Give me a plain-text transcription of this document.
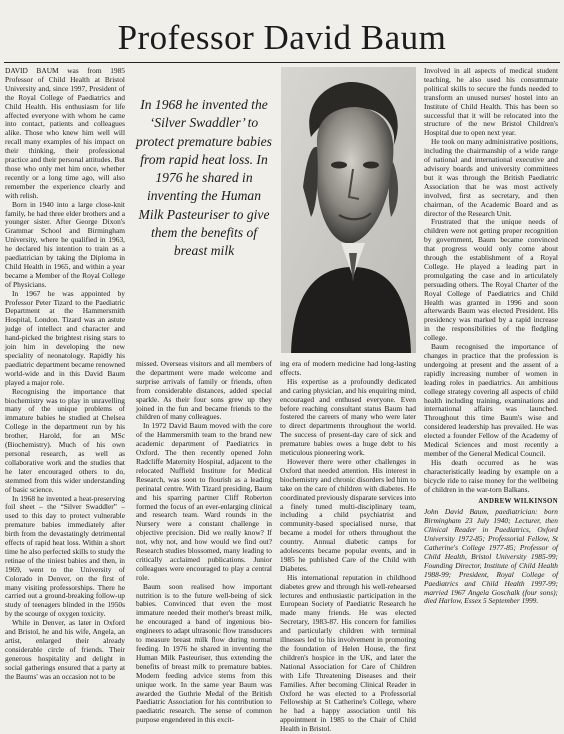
Professor David Baum

DAVID BAUM was from 1985 Professor of Child Health at Bristol University and, since 1997, President of the Royal College of Paediatrics and Child Health. His enthusiasm for life affected everyone with whom he came into contact, patients and colleagues alike. Those who knew him well will recall many examples of his impact on their thinking, their professional practice and their personal attitudes. But those who only met him once, whether recently or a long time ago, will also remember the experience clearly and with relish.

Born in 1940 into a large close-knit family, he had three elder brothers and a younger sister. After George Dixon's Grammar School and Birmingham University, where he qualified in 1963, he declared his intention to train as a paediatrician by taking the Diploma in Child Health in 1965, and within a year became a Member of the Royal College of Physicians.

In 1967 he was appointed by Professor Peter Tizard to the Paediatric Department at the Hammersmith Hospital, London. Tizard was an astute judge of intellect and character and hand-picked the brightest rising stars to join him in developing the new speciality of neonatology. Rapidly his paediatric department became renowned world-wide and in this David Baum played a major role.

Recognising the importance that biochemistry was to play in unravelling many of the unique problems of immature babies he studied at Chelsea College in the department run by his brother, Harold, for an MSc (Biochemistry). Much of his own personal research, as well as collaborative work and the studies that he later encouraged others to do, stemmed from this wider understanding of basic science.

In 1968 he invented a heat-preserving foil sheet – the “Silver Swaddler” – used to this day to protect vulnerable premature babies immediately after birth from the devastatingly detrimental effects of rapid heat loss. Within a short time he also perfected skills to study the retinae of the tiniest babies and then, in 1969, went to the University of Colorado in Denver, on the first of many visiting professorships. There he carried out a ground-breaking follow-up study of teenagers blinded in the 1950s by the scourge of oxygen toxicity.

While in Denver, as later in Oxford and Bristol, he and his wife, Angela, an artist, enlarged their already considerable circle of friends. Their generous hospitality and delight in social gatherings ensured that a party at the Baums' was an occasion not to be

In 1968 he invented the ‘Silver Swaddler’ to protect premature babies from rapid heat loss. In 1976 he shared in inventing the Human Milk Pasteuriser to give them the benefits of breast milk

missed. Overseas visitors and all members of the department were made welcome and surprise arrivals of family or friends, often from considerable distances, added special sparkle. As their four sons grew up they joined in the fun and became friends to the children of many colleagues.

In 1972 David Baum moved with the core of the Hammersmith team to the brand new academic department of Paediatrics in Oxford. The then recently opened John Radcliffe Maternity Hospital, adjacent to the relocated Nuffield Institute for Medical Research, was soon to flourish as a leading perinatal centre. With Tizard presiding, Baum and his sparring partner Cliff Roberton formed the focus of an ever-enlarging clinical and research team. Ward rounds in the Nursery were a constant challenge in objective precision. Did we really know? If not, why not, and how would we find out? Research studies blossomed, many leading to critically acclaimed publications. Junior colleagues were encouraged to play a central role.

Baum soon realised how important nutrition is to the future well-being of sick babies. Convinced that even the most immature needed their mother's breast milk, he encouraged a band of ingenious bio-engineers to adapt ultrasonic flow transducers to measure breast milk flow during normal feeding. In 1976 he shared in inventing the Human Milk Pasteuriser, thus extending the benefits of breast milk to premature babies. Modern feeding advice stems from this unique work. In the same year Baum was awarded the Guthrie Medal of the British Paediatric Association for his contribution to paediatric research. The sense of common purpose engendered in this excit-

ing era of modern medicine had long-lasting effects.

His expertise as a profoundly dedicated and caring physician, and his enquiring mind, encouraged and enthused everyone. Even before reaching consultant status Baum had fostered the careers of many who were later to direct departments throughout the world. The success of present-day care of sick and premature babies owes a huge debt to his meticulous pioneering work.

However there were other challenges in Oxford that needed attention. His interest in biochemistry and chronic disorders led him to take on the care of children with diabetes. He coordinated previously disparate services into a finely tuned multi-disciplinary team, including a child psychiatrist and community-based specialised nurse, that became a model for others throughout the country. Annual diabetic camps for adolescents became popular events, and in 1985 he published Care of the Child with Diabetes.

His international reputation in childhood diabetes grew and through his well-rehearsed lectures and enthusiastic participation in the European Society of Paediatric Research he made many friends. He was elected Secretary, 1983-87. His concern for families and particularly children with terminal illnesses led to his involvement in promoting the foundation of Helen House, the first children's hospice in the UK, and later the National Association for Care of Children with Life Threatening Diseases and their Families. After becoming Clinical Reader in Oxford he was elected to a Professorial Fellowship at St Catherine's College, where he had a happy association until his appointment in 1985 to the Chair of Child Health in Bristol.

Involved in all aspects of medical student teaching, he also used his consummate political skills to secure the funds needed to transform an unused nurses' hostel into an Institute of Child Health. This has been so successful that it will be relocated into the structure of the new Bristol Children's Hospital due to open next year.

He took on many administrative positions, including the chairmanship of a wide range of national and international executive and advisory boards and university committees but it was through the British Paediatric Association that he was most actively involved, first as secretary, and then chairman, of the Academic Board and as director of the Research Unit.

Frustrated that the unique needs of children were not getting proper recognition by government, Baum became convinced that progress would only come about through the establishment of a Royal College. He played a leading part in promulgating the case and in articulately persuading others. The Royal Charter of the Royal College of Paediatrics and Child Health was granted in 1996 and soon afterwards Baum was elected President. His presidency was marked by a rapid increase in the responsibilities of the fledgling college.

Baum recognised the importance of changes in practice that the profession is undergoing at present and the assent of a rapidly increasing number of women in leading roles in paediatrics. An ambitious college strategy covering all aspects of child health including training, examinations and international affairs was launched. Throughout this time Baum's wise and considered leadership has prevailed. He was elected a founder Fellow of the Academy of Medical Sciences and most recently a member of the General Medical Council.

His death occurred as he was characteristically leading by example on a bicycle ride to raise money for the wellbeing of children in the war-torn Balkans.

ANDREW WILKINSON

John David Baum, paediatrician: born Birmingham 23 July 1940; Lecturer, then Clinical Reader in Paediatrics, Oxford University 1972-85; Professorial Fellow, St Catherine's College 1977-85; Professor of Child Health, Bristol University 1985-99; Founding Director, Institute of Child Health 1988-99; President, Royal College of Paediatrics and Child Health 1997-99; married 1967 Angela Goschalk (four sons); died Harlow, Essex 5 September 1999.
